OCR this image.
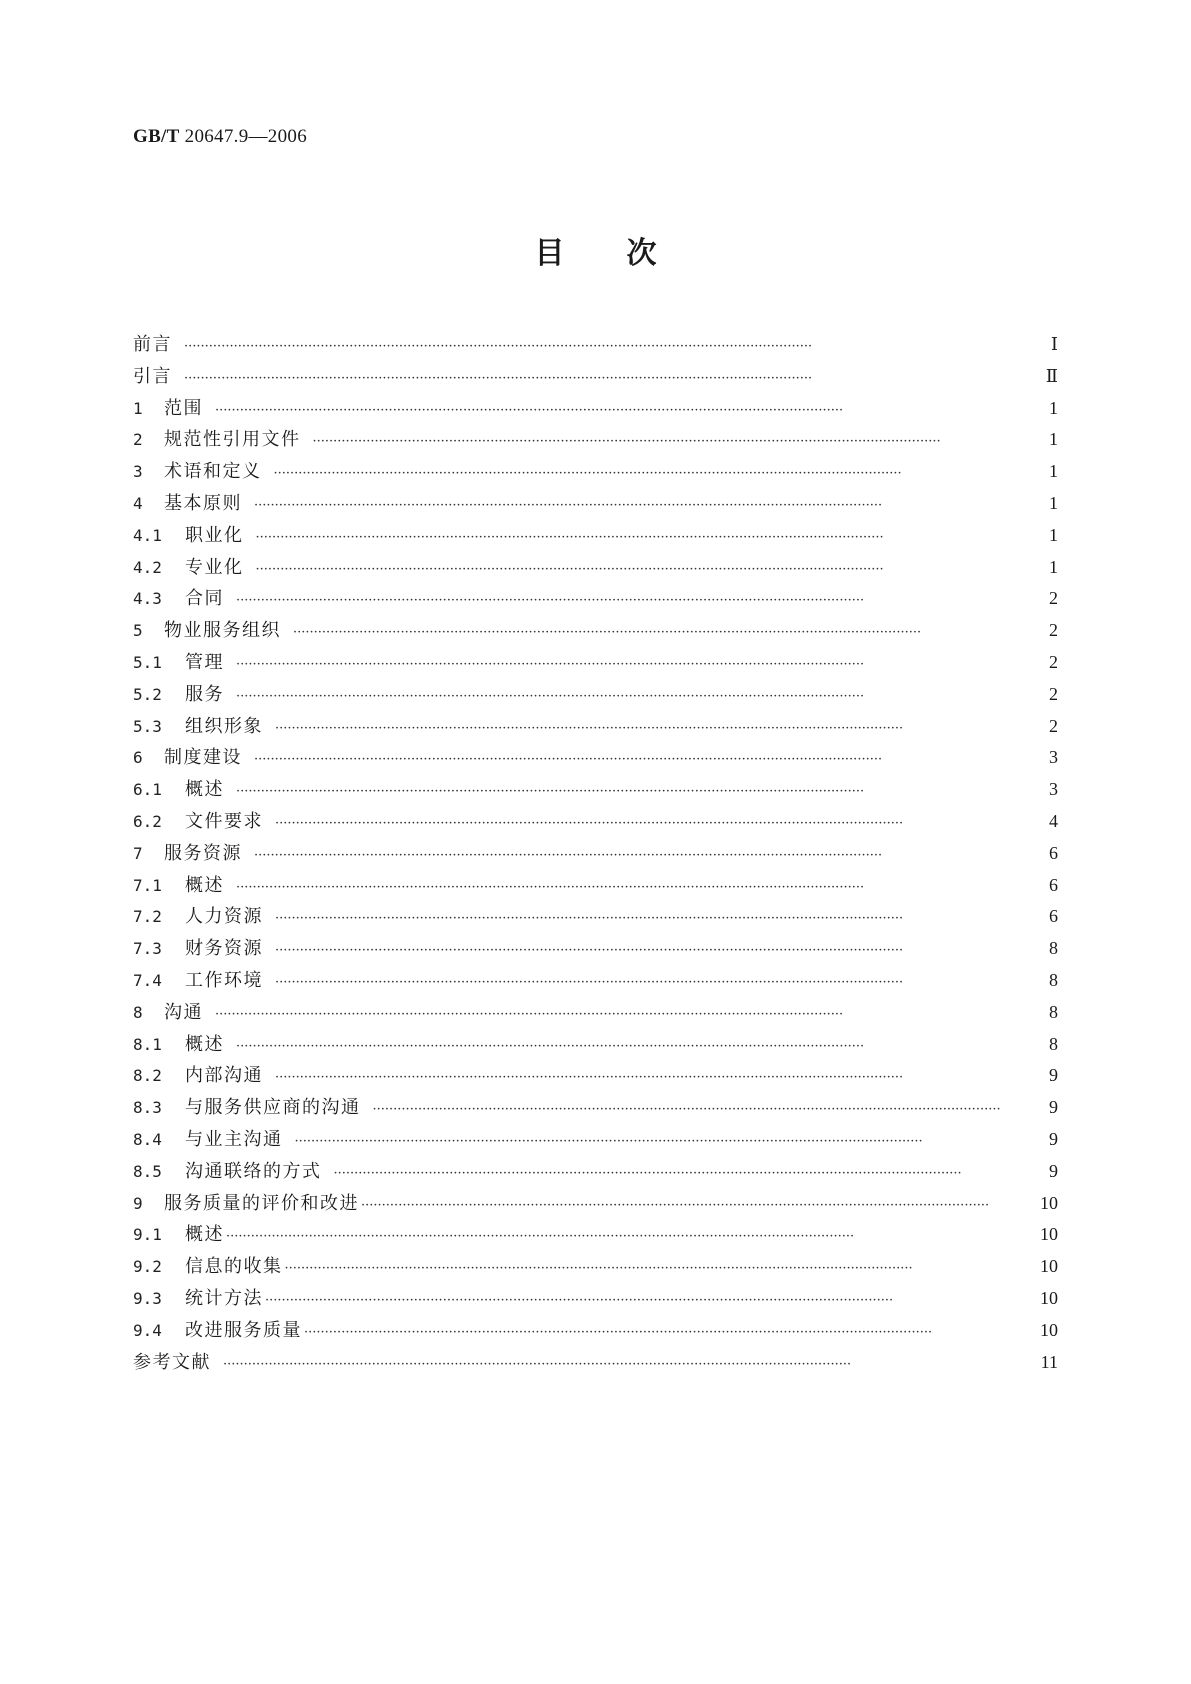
GB/T 20647.9—2006
目次
前言 ·····	Ⅰ
引言 ·····	Ⅱ
1	范围 ·····	1
2	规范性引用文件 ·····	1
3	术语和定义 ·····	1
4	基本原则 ·····	1
4.1	职业化 ·····	1
4.2	专业化 ·····	1
4.3	合同 ·····	2
5	物业服务组织 ·····	2
5.1	管理 ·····	2
5.2	服务 ·····	2
5.3	组织形象 ·····	2
6	制度建设 ·····	3
6.1	概述 ·····	3
6.2	文件要求 ·····	4
7	服务资源 ·····	6
7.1	概述 ·····	6
7.2	人力资源 ·····	6
7.3	财务资源 ·····	8
7.4	工作环境 ·····	8
8	沟通 ·····	8
8.1	概述 ·····	8
8.2	内部沟通 ·····	9
8.3	与服务供应商的沟通 ·····	9
8.4	与业主沟通 ·····	9
8.5	沟通联络的方式 ·····	9
9	服务质量的评价和改进 ·····	10
9.1	概述 ·····	10
9.2	信息的收集 ·····	10
9.3	统计方法 ·····	10
9.4	改进服务质量 ·····	10
参考文献 ·····	11
